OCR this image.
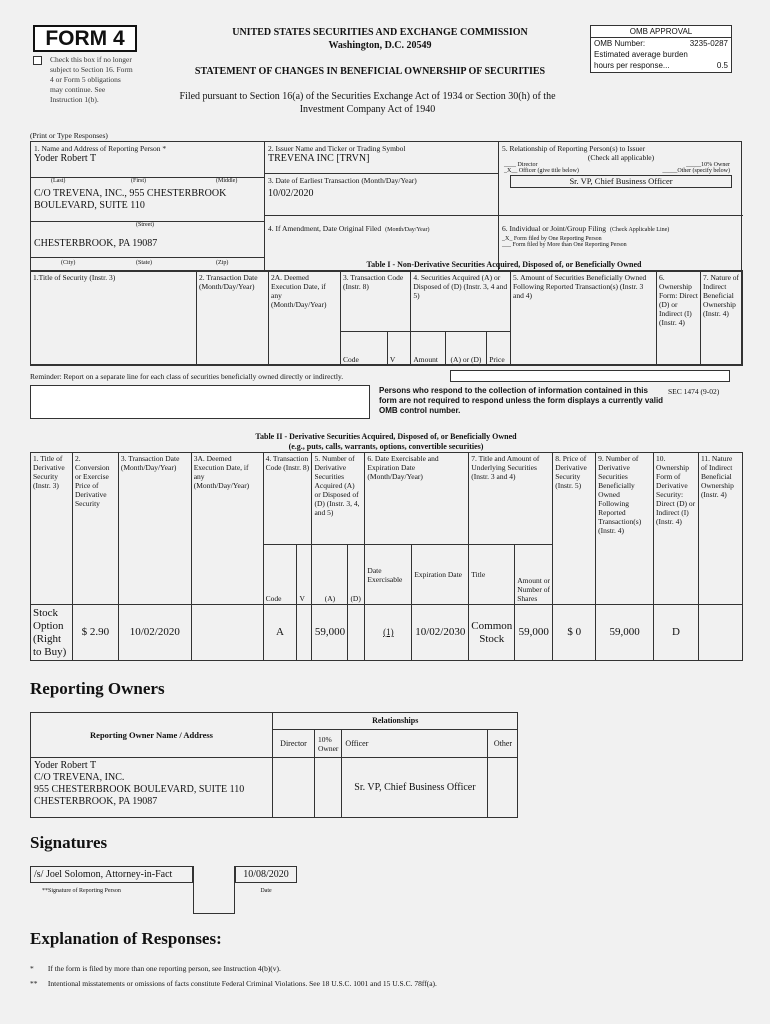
FORM 4
Check this box if no longer subject to Section 16. Form 4 or Form 5 obligations may continue. See Instruction 1(b).
UNITED STATES SECURITIES AND EXCHANGE COMMISSION
Washington, D.C. 20549
STATEMENT OF CHANGES IN BENEFICIAL OWNERSHIP OF SECURITIES
Filed pursuant to Section 16(a) of the Securities Exchange Act of 1934 or Section 30(h) of the
Investment Company Act of 1940
OMB APPROVAL
OMB Number:	3235-0287
Estimated average burden
hours per response...	0.5
(Print or Type Responses)
1. Name and Address of Reporting Person *
Yoder Robert T
(Last)	(First)	(Middle)
C/O TREVENA, INC., 955 CHESTERBROOK BOULEVARD, SUITE 110
(Street)
CHESTERBROOK, PA 19087
(City)	(State)	(Zip)
2. Issuer Name and Ticker or Trading Symbol
TREVENA INC [TRVN]
3. Date of Earliest Transaction (Month/Day/Year)
10/02/2020
4. If Amendment, Date Original Filed (Month/Day/Year)
5. Relationship of Reporting Person(s) to Issuer
(Check all applicable)
____ Director	_____10% Owner
_X__ Officer (give title below)	_____Other (specify below)
Sr. VP, Chief Business Officer
6. Individual or Joint/Group Filing (Check Applicable Line)
_X_ Form filed by One Reporting Person
___ Form filed by More than One Reporting Person
Table I - Non-Derivative Securities Acquired, Disposed of, or Beneficially Owned
1.Title of Security (Instr. 3)	2. Transaction Date (Month/Day/Year)	2A. Deemed Execution Date, if any (Month/Day/Year)	3. Transaction Code (Instr. 8)		4. Securities Acquired (A) or Disposed of (D) (Instr. 3, 4 and 5)			5. Amount of Securities Beneficially Owned Following Reported Transaction(s) (Instr. 3 and 4)	6. Ownership Form: Direct (D) or Indirect (I) (Instr. 4)	7. Nature of Indirect Beneficial Ownership (Instr. 4)
			Code	V	Amount	(A) or (D)	Price			
Reminder: Report on a separate line for each class of securities beneficially owned directly or indirectly.
Persons who respond to the collection of information contained in this form are not required to respond unless the form displays a currently valid OMB control number.
SEC 1474 (9-02)
Table II - Derivative Securities Acquired, Disposed of, or Beneficially Owned
(e.g., puts, calls, warrants, options, convertible securities)
1. Title of Derivative Security (Instr. 3)	2. Conversion or Exercise Price of Derivative Security	3. Transaction Date (Month/Day/Year)	3A. Deemed Execution Date, if any (Month/Day/Year)	4. Transaction Code (Instr. 8)		5. Number of Derivative Securities Acquired (A) or Disposed of (D) (Instr. 3, 4, and 5)		6. Date Exercisable and Expiration Date (Month/Day/Year)		7. Title and Amount of Underlying Securities (Instr. 3 and 4)		8. Price of Derivative Security (Instr. 5)	9. Number of Derivative Securities Beneficially Owned Following Reported Transaction(s) (Instr. 4)	10. Ownership Form of Derivative Security: Direct (D) or Indirect (I) (Instr. 4)	11. Nature of Indirect Beneficial Ownership (Instr. 4)
				Code	V	(A)	(D)	Date Exercisable	Expiration Date	Title	Amount or Number of Shares				
Stock Option (Right to Buy)	$ 2.90	10/02/2020		A		59,000		(1)	10/02/2030	Common Stock	59,000	$ 0	59,000	D	
Reporting Owners
Reporting Owner Name / Address	Relationships			
	Director	10% Owner	Officer	Other

Yoder Robert T
C/O TREVENA, INC.
955 CHESTERBROOK BOULEVARD, SUITE 110
CHESTERBROOK, PA 19087			Sr. VP, Chief Business Officer	
Signatures
/s/ Joel Solomon, Attorney-in-Fact
**Signature of Reporting Person
10/08/2020
Date
Explanation of Responses:
* If the form is filed by more than one reporting person, see Instruction 4(b)(v).
** Intentional misstatements or omissions of facts constitute Federal Criminal Violations. See 18 U.S.C. 1001 and 15 U.S.C. 78ff(a).
